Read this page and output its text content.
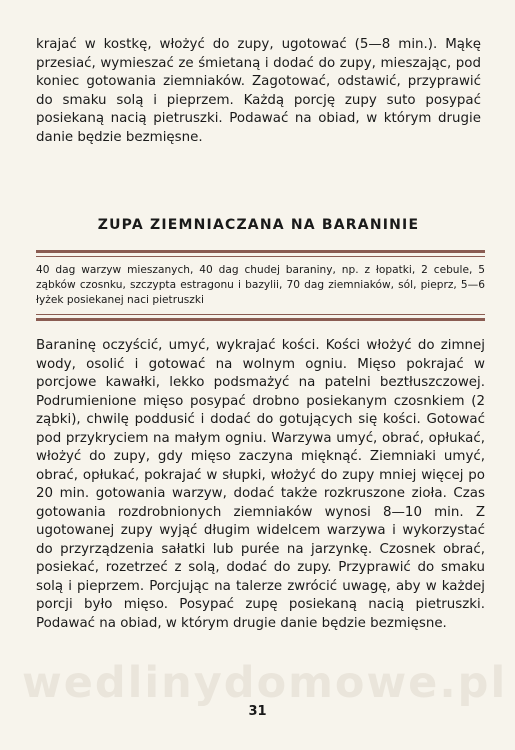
krajać w kostkę, włożyć do zupy, ugotować (5—8 min.). Mąkę przesiać, wymieszać ze śmietaną i dodać do zupy, mieszając, pod koniec gotowania ziemniaków. Zagotować, odstawić, przyprawić do smaku solą i pieprzem. Każdą porcję zupy suto posypać posiekaną nacią pietruszki. Podawać na obiad, w którym drugie danie będzie bezmięsne.

ZUPA ZIEMNIACZANA NA BARANINIE

40 dag warzyw mieszanych, 40 dag chudej baraniny, np. z łopatki, 2 cebule, 5 ząbków czosnku, szczypta estragonu i bazylii, 70 dag ziemniaków, sól, pieprz, 5—6 łyżek posiekanej naci pietruszki

Baraninę oczyścić, umyć, wykrajać kości. Kości włożyć do zimnej wody, osolić i gotować na wolnym ogniu. Mięso pokrajać w porcjowe kawałki, lekko podsmażyć na patelni beztłuszczowej. Podrumienione mięso posypać drobno posiekanym czosnkiem (2 ząbki), chwilę poddusić i dodać do gotujących się kości. Gotować pod przykryciem na małym ogniu. Warzywa umyć, obrać, opłukać, włożyć do zupy, gdy mięso zaczyna mięknąć. Ziemniaki umyć, obrać, opłukać, pokrajać w słupki, włożyć do zupy mniej więcej po 20 min. gotowania warzyw, dodać także rozkruszone zioła. Czas gotowania rozdrobnionych ziemniaków wynosi 8—10 min. Z ugotowanej zupy wyjąć długim widelcem warzywa i wykorzystać do przyrządzenia sałatki lub purée na jarzynkę. Czosnek obrać, posiekać, rozetrzeć z solą, dodać do zupy. Przyprawić do smaku solą i pieprzem. Porcjując na talerze zwrócić uwagę, aby w każdej porcji było mięso. Posypać zupę posiekaną nacią pietruszki. Podawać na obiad, w którym drugie danie będzie bezmięsne.

wedlinydomowe.pl
31
